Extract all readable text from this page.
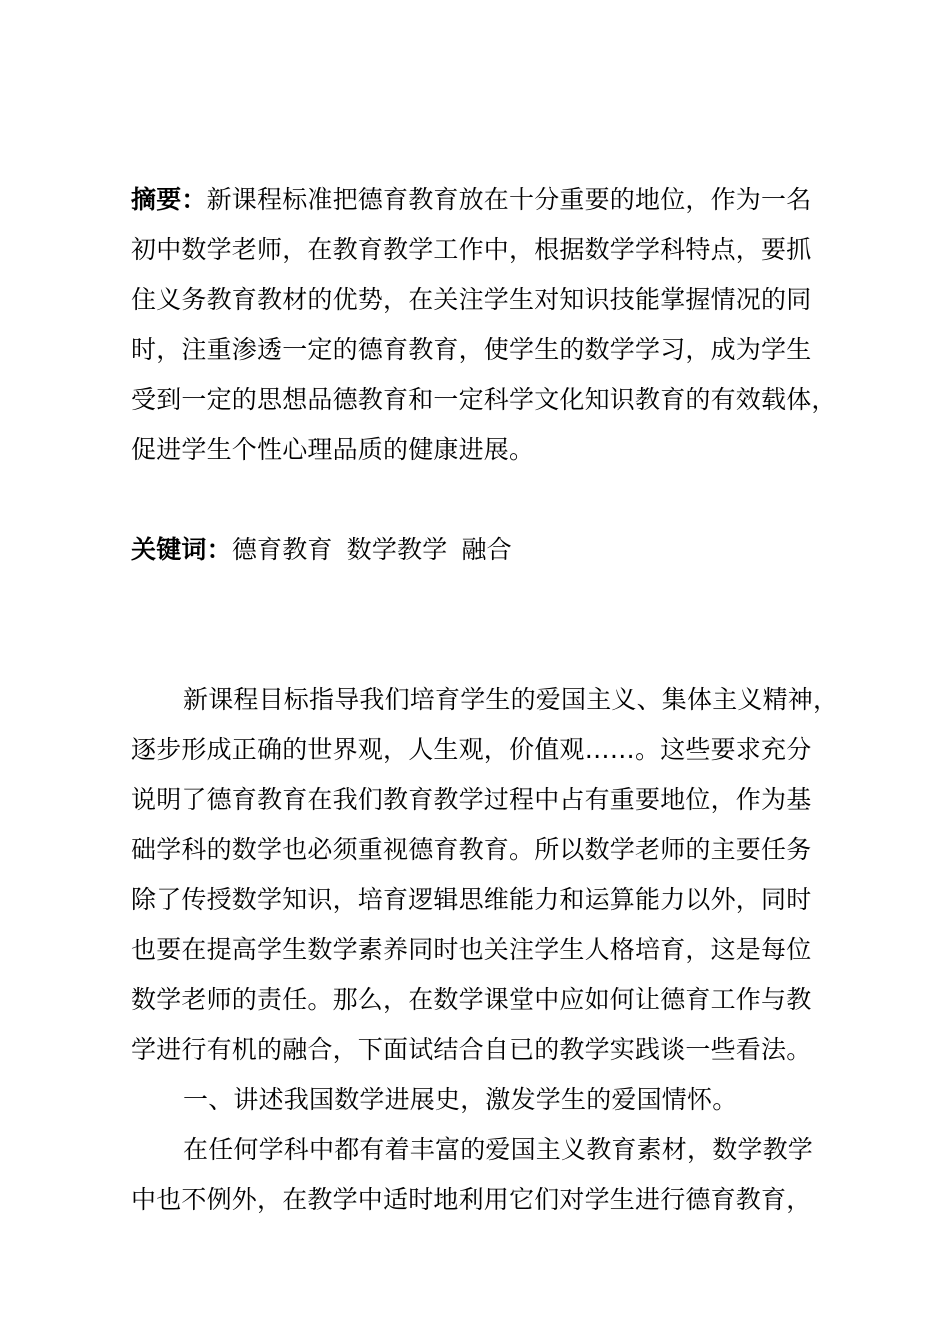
摘要：新课程标准把德育教育放在十分重要的地位，作为一名
初中数学老师，在教育教学工作中，根据数学学科特点，要抓
住义务教育教材的优势，在关注学生对知识技能掌握情况的同
时，注重渗透一定的德育教育，使学生的数学学习，成为学生
受到一定的思想品德教育和一定科学文化知识教育的有效载体，
促进学生个性心理品质的健康进展。
关键词：德育教育 数学教学 融合
新课程目标指导我们培育学生的爱国主义、集体主义精神，
逐步形成正确的世界观，人生观，价值观……。这些要求充分
说明了德育教育在我们教育教学过程中占有重要地位，作为基
础学科的数学也必须重视德育教育。所以数学老师的主要任务
除了传授数学知识，培育逻辑思维能力和运算能力以外，同时
也要在提高学生数学素养同时也关注学生人格培育，这是每位
数学老师的责任。那么，在数学课堂中应如何让德育工作与教
学进行有机的融合，下面试结合自已的教学实践谈一些看法。
一、讲述我国数学进展史，激发学生的爱国情怀。
在任何学科中都有着丰富的爱国主义教育素材，数学教学
中也不例外，在教学中适时地利用它们对学生进行德育教育，
